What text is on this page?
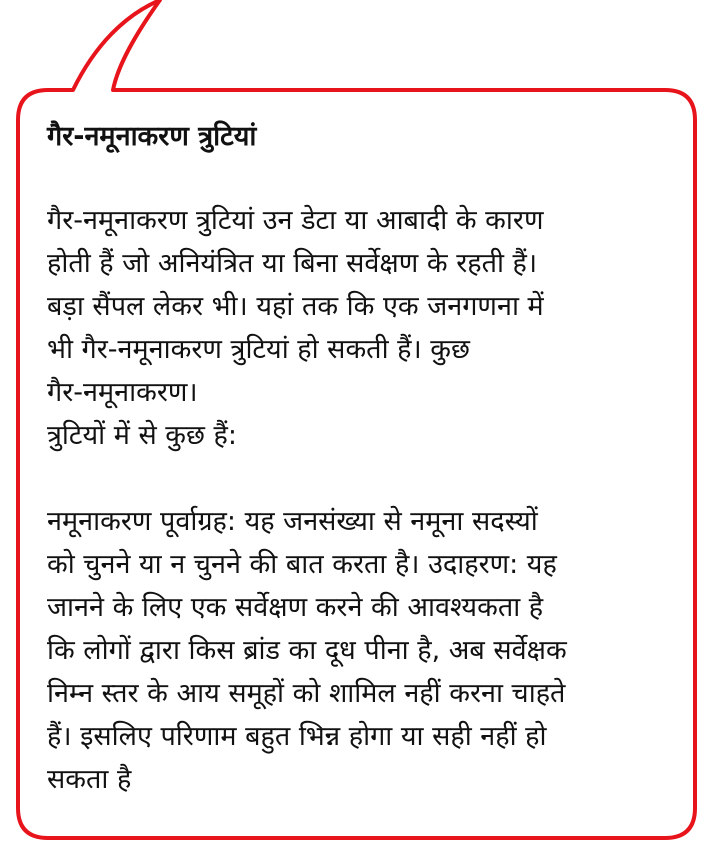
गैर-नमूनाकरण त्रुटियां

गैर-नमूनाकरण त्रुटियां उन डेटा या आबादी के कारण
होती हैं जो अनियंत्रित या बिना सर्वेक्षण के रहती हैं।
बड़ा सैंपल लेकर भी। यहां तक कि एक जनगणना में
भी गैर-नमूनाकरण त्रुटियां हो सकती हैं। कुछ
गैर-नमूनाकरण।
त्रुटियों में से कुछ हैं:

नमूनाकरण पूर्वाग्रह: यह जनसंख्या से नमूना सदस्यों
को चुनने या न चुनने की बात करता है। उदाहरण: यह
जानने के लिए एक सर्वेक्षण करने की आवश्यकता है
कि लोगों द्वारा किस ब्रांड का दूध पीना है, अब सर्वेक्षक
निम्न स्तर के आय समूहों को शामिल नहीं करना चाहते
हैं। इसलिए परिणाम बहुत भिन्न होगा या सही नहीं हो
सकता है
